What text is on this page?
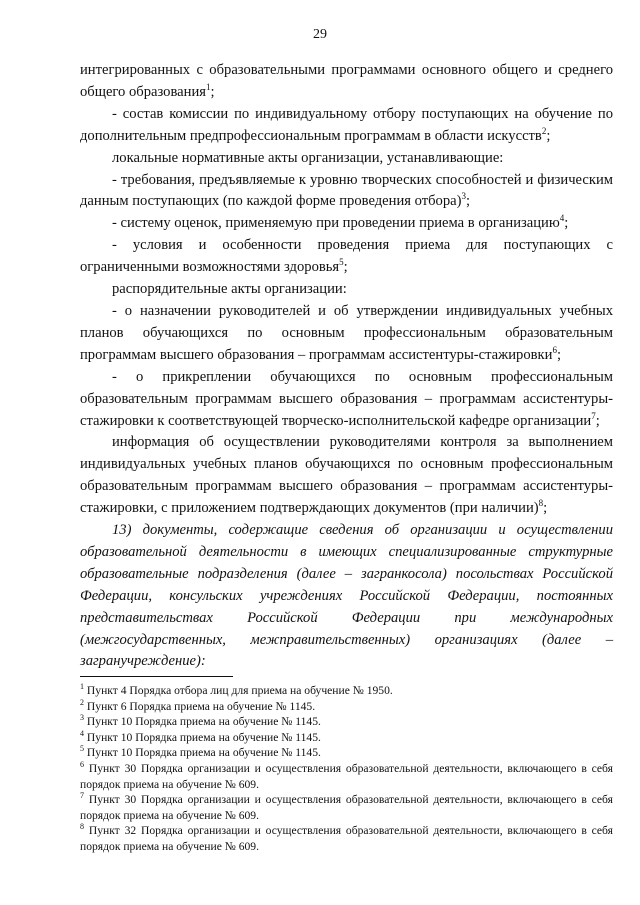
29

интегрированных с образовательными программами основного общего и среднего общего образования$^1$;

- состав комиссии по индивидуальному отбору поступающих на обучение по дополнительным предпрофессиональным программам в области искусств$^2$;

локальные нормативные акты организации, устанавливающие:

- требования, предъявляемые к уровню творческих способностей и физическим данным поступающих (по каждой форме проведения отбора)$^3$;

- систему оценок, применяемую при проведении приема в организацию$^4$;

- условия и особенности проведения приема для поступающих с ограниченными возможностями здоровья$^5$;

распорядительные акты организации:

- о назначении руководителей и об утверждении индивидуальных учебных планов обучающихся по основным профессиональным образовательным программам высшего образования – программам ассистентуры-стажировки$^6$;

- о прикреплении обучающихся по основным профессиональным образовательным программам высшего образования – программам ассистентуры-стажировки к соответствующей творческо-исполнительской кафедре организации$^7$;

информация об осуществлении руководителями контроля за выполнением индивидуальных учебных планов обучающихся по основным профессиональным образовательным программам высшего образования – программам ассистентуры-стажировки, с приложением подтверждающих документов (при наличии)$^8$;

13) документы, содержащие сведения об организации и осуществлении образовательной деятельности в имеющих специализированные структурные образовательные подразделения (далее – загранкосола) посольствах Российской Федерации, консульских учреждениях Российской Федерации, постоянных представительствах Российской Федерации при международных (межгосударственных, межправительственных) организациях (далее – загранучреждение):

$^1$ Пункт 4 Порядка отбора лиц для приема на обучение № 1950.

$^2$ Пункт 6 Порядка приема на обучение № 1145.

$^3$ Пункт 10 Порядка приема на обучение № 1145.

$^4$ Пункт 10 Порядка приема на обучение № 1145.

$^5$ Пункт 10 Порядка приема на обучение № 1145.

$^6$ Пункт 30 Порядка организации и осуществления образовательной деятельности, включающего в себя порядок приема на обучение № 609.

$^7$ Пункт 30 Порядка организации и осуществления образовательной деятельности, включающего в себя порядок приема на обучение № 609.

$^8$ Пункт 32 Порядка организации и осуществления образовательной деятельности, включающего в себя порядок приема на обучение № 609.
